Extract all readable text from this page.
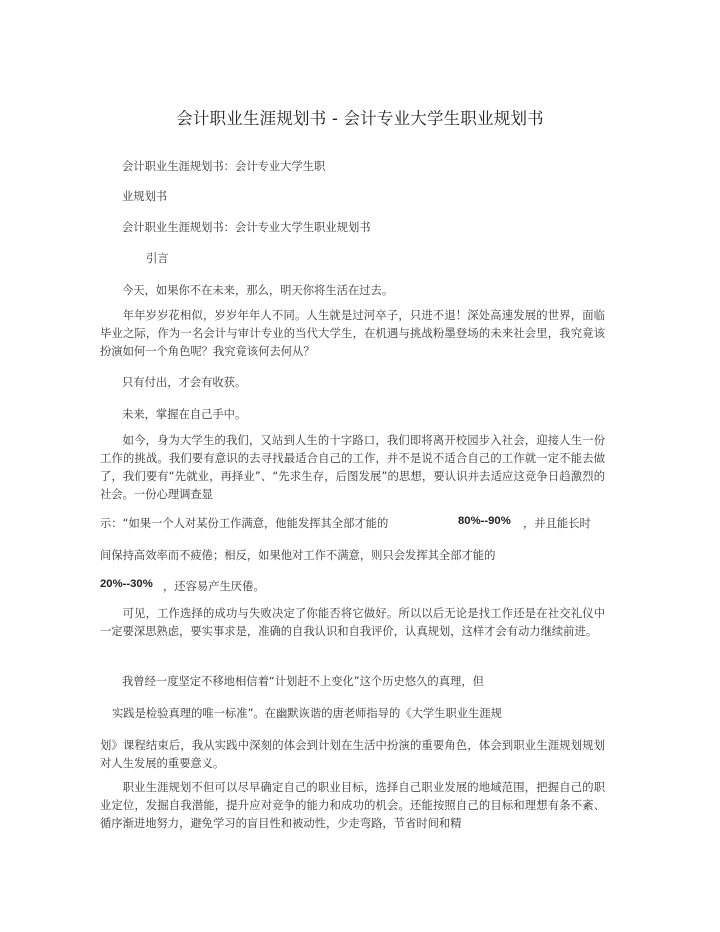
会计职业生涯规划书 - 会计专业大学生职业规划书
会计职业生涯规划书：会计专业大学生职
业规划书
会计职业生涯规划书：会计专业大学生职业规划书
引言
今天，如果你不在未来，那么，明天你将生活在过去。
年年岁岁花相似，岁岁年年人不同。人生就是过河卒子，只进不退！深处高速发展的世界，面临毕业之际，作为一名会计与审计专业的当代大学生，在机遇与挑战粉墨登场的未来社会里，我究竟该扮演如何一个角色呢？我究竟该何去何从？
只有付出，才会有收获。
未来，掌握在自己手中。
如今，身为大学生的我们，又站到人生的十字路口，我们即将离开校园步入社会，迎接人生一份工作的挑战。我们要有意识的去寻找最适合自己的工作，并不是说不适合自己的工作就一定不能去做了，我们要有“先就业，再择业”、“先求生存，后图发展”的思想，要认识并去适应这竞争日趋激烈的社会。一份心理调查显
示：“如果一个人对某份工作满意，他能发挥其全部才能的	80%--90% ，并且能长时
间保持高效率而不疲倦；相反，如果他对工作不满意，则只会发挥其全部才能的
20%--30% ，还容易产生厌倦。
可见，工作选择的成功与失败决定了你能否将它做好。所以以后无论是找工作还是在社交礼仪中一定要深思熟虑，要实事求是，准确的自我认识和自我评价，认真规划，这样才会有动力继续前进。
我曾经一度坚定不移地相信着“计划赶不上变化”这个历史悠久的真理，但
实践是检验真理的唯一标准”。在幽默诙谐的唐老师指导的《大学生职业生涯规
划》课程结束后，我从实践中深刻的体会到计划在生活中扮演的重要角色，体会到职业生涯规划规划对人生发展的重要意义。
职业生涯规划不但可以尽早确定自己的职业目标，选择自己职业发展的地域范围，把握自己的职业定位，发掘自我潜能，提升应对竞争的能力和成功的机会。还能按照自己的目标和理想有条不紊、循序渐进地努力，避免学习的盲目性和被动性，少走弯路，节省时间和精
